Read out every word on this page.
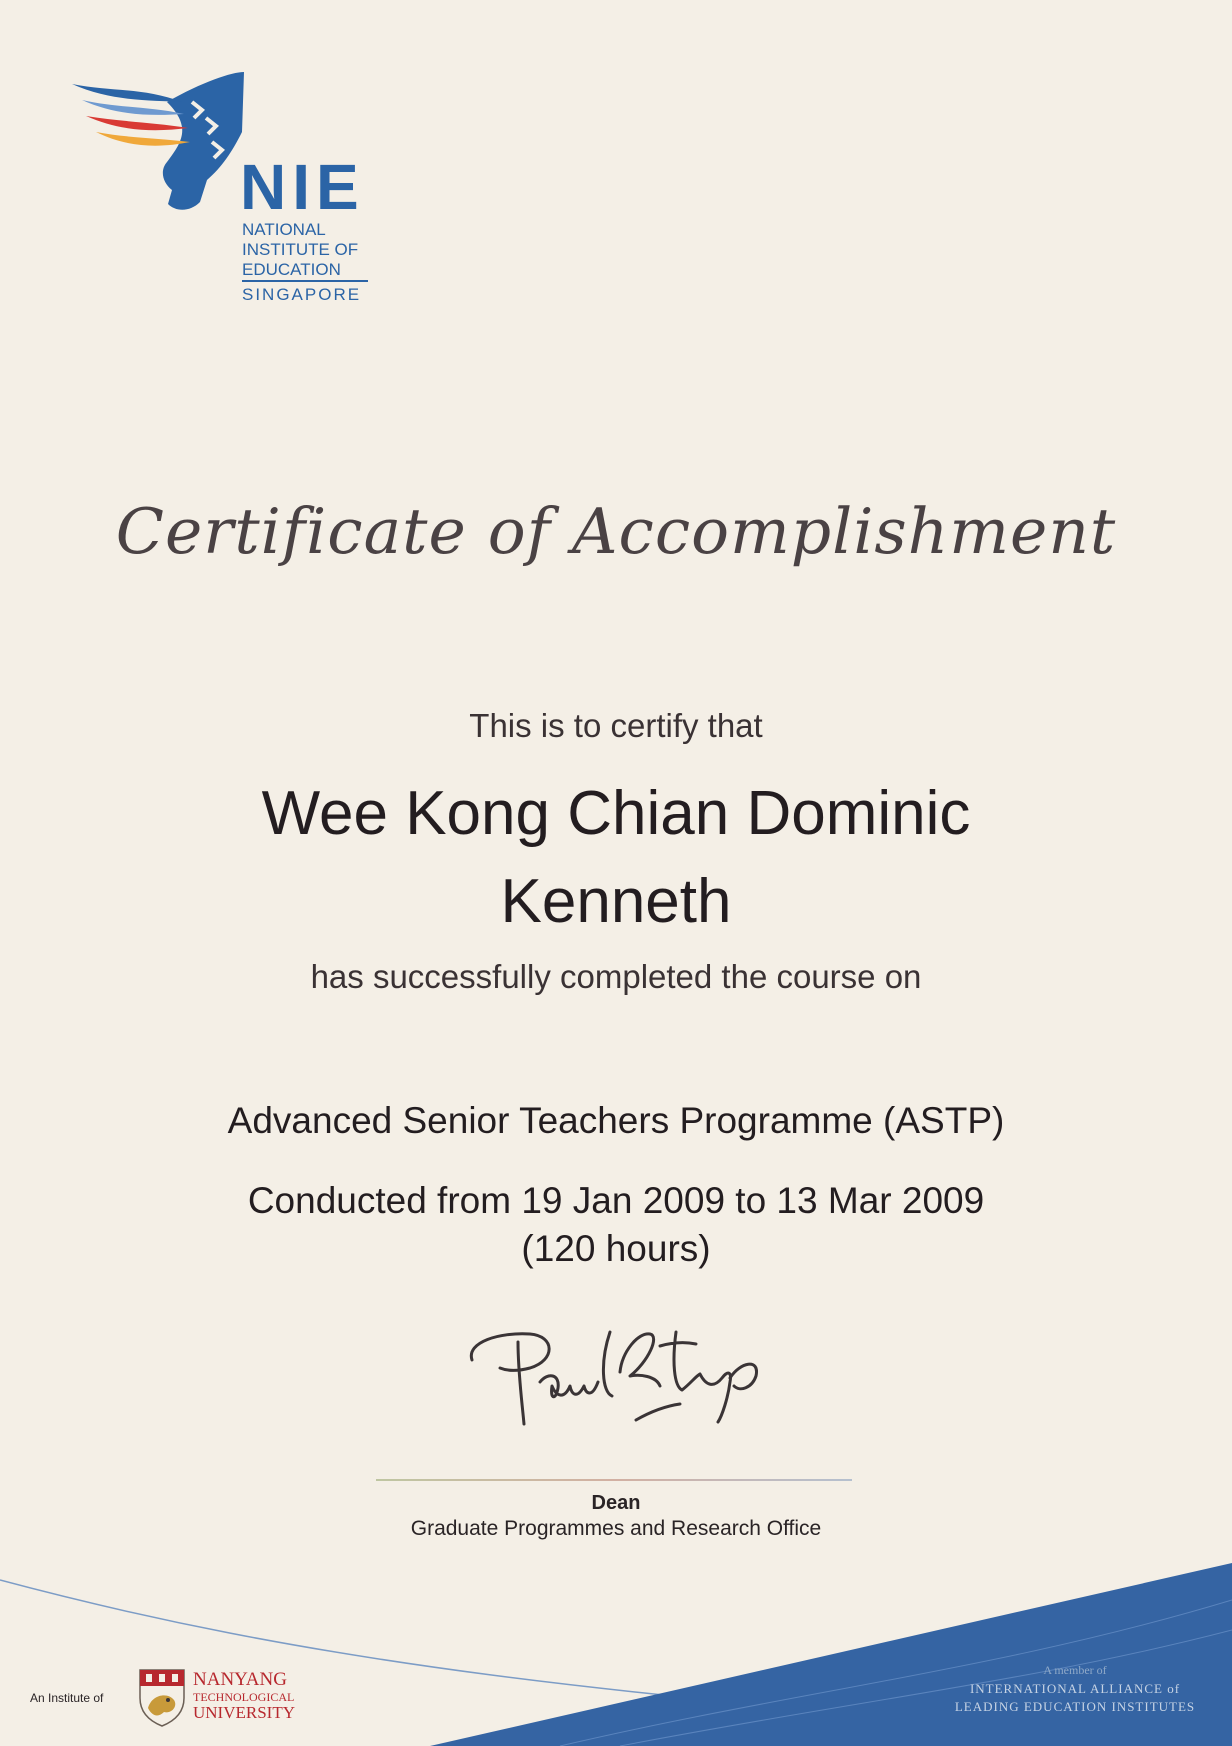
NIE
NATIONAL
INSTITUTE OF
EDUCATION
SINGAPORE
Certificate of Accomplishment
This is to certify that
Wee Kong Chian Dominic
Kenneth
has successfully completed the course on
Advanced Senior Teachers Programme (ASTP)
Conducted from 19 Jan 2009 to 13 Mar 2009
(120 hours)
Dean
Graduate Programmes and Research Office
An Institute of
NANYANG
TECHNOLOGICAL
UNIVERSITY
A member of
INTERNATIONAL ALLIANCE of
LEADING EDUCATION INSTITUTES
